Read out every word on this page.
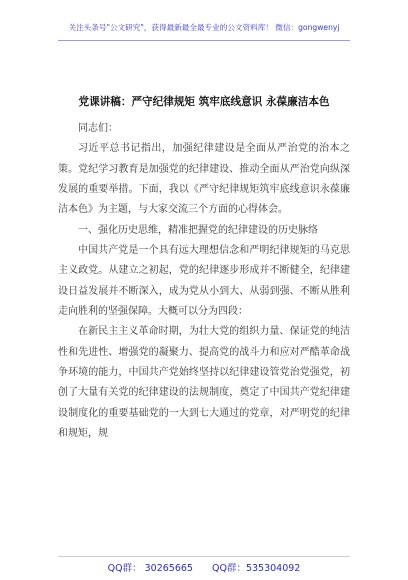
关注头条号"公文研究"，获得最新最全最专业的公文资料库！ 微信：gongwenyj
党课讲稿：严守纪律规矩 筑牢底线意识 永葆廉洁本色

同志们：

习近平总书记指出，加强纪律建设是全面从严治党的治本之策。党纪学习教育是加强党的纪律建设、推动全面从严治党向纵深发展的重要举措。下面，我以《严守纪律规矩筑牢底线意识永葆廉洁本色》为主题，与大家交流三个方面的心得体会。

一、强化历史思维，精准把握党的纪律建设的历史脉络

中国共产党是一个具有远大理想信念和严明纪律规矩的马克思主义政党。从建立之初起，党的纪律逐步形成并不断健全，纪律建设日益发展并不断深入，成为党从小到大、从弱到强、不断从胜利走向胜利的坚强保障。大概可以分为四段：

在新民主主义革命时期，为壮大党的组织力量、保证党的纯洁性和先进性、增强党的凝聚力、提高党的战斗力和应对严酷革命战争环境的能力，中国共产党始终坚持以纪律建设管党治党强党，初创了大量有关党的纪律建设的法规制度，奠定了中国共产党纪律建设制度化的重要基础党的一大到七大通过的党章，对严明党的纪律和规矩，规

QQ群： 30265665 QQ群：535304092
